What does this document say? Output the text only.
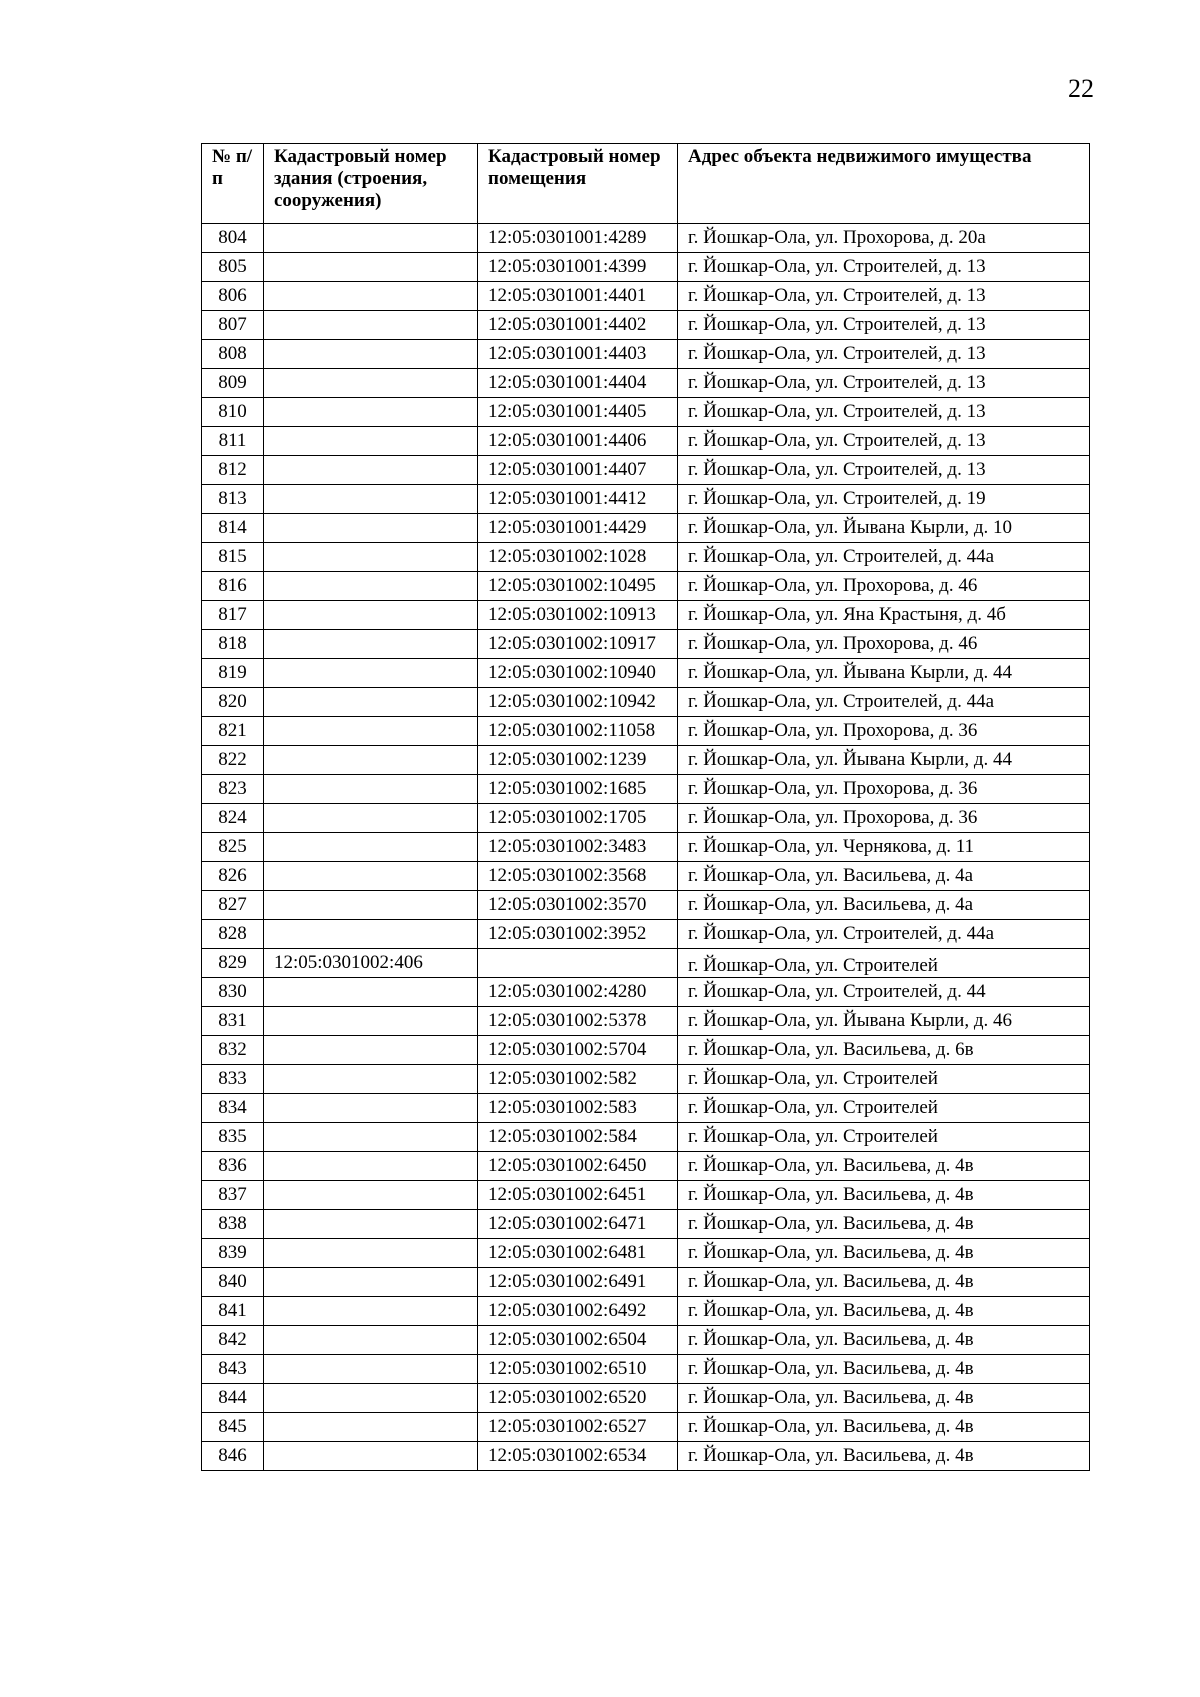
22
№ п/п	Кадастровый номер здания (строения, сооружения)	Кадастровый номер помещения	Адрес объекта недвижимого имущества
804		12:05:0301001:4289	г. Йошкар-Ола, ул. Прохорова, д. 20а
805		12:05:0301001:4399	г. Йошкар-Ола, ул. Строителей, д. 13
806		12:05:0301001:4401	г. Йошкар-Ола, ул. Строителей, д. 13
807		12:05:0301001:4402	г. Йошкар-Ола, ул. Строителей, д. 13
808		12:05:0301001:4403	г. Йошкар-Ола, ул. Строителей, д. 13
809		12:05:0301001:4404	г. Йошкар-Ола, ул. Строителей, д. 13
810		12:05:0301001:4405	г. Йошкар-Ола, ул. Строителей, д. 13
811		12:05:0301001:4406	г. Йошкар-Ола, ул. Строителей, д. 13
812		12:05:0301001:4407	г. Йошкар-Ола, ул. Строителей, д. 13
813		12:05:0301001:4412	г. Йошкар-Ола, ул. Строителей, д. 19
814		12:05:0301001:4429	г. Йошкар-Ола, ул. Йывана Кырли, д. 10
815		12:05:0301002:1028	г. Йошкар-Ола, ул. Строителей, д. 44а
816		12:05:0301002:10495	г. Йошкар-Ола, ул. Прохорова, д. 46
817		12:05:0301002:10913	г. Йошкар-Ола, ул. Яна Крастыня, д. 4б
818		12:05:0301002:10917	г. Йошкар-Ола, ул. Прохорова, д. 46
819		12:05:0301002:10940	г. Йошкар-Ола, ул. Йывана Кырли, д. 44
820		12:05:0301002:10942	г. Йошкар-Ола, ул. Строителей, д. 44а
821		12:05:0301002:11058	г. Йошкар-Ола, ул. Прохорова, д. 36
822		12:05:0301002:1239	г. Йошкар-Ола, ул. Йывана Кырли, д. 44
823		12:05:0301002:1685	г. Йошкар-Ола, ул. Прохорова, д. 36
824		12:05:0301002:1705	г. Йошкар-Ола, ул. Прохорова, д. 36
825		12:05:0301002:3483	г. Йошкар-Ола, ул. Чернякова, д. 11
826		12:05:0301002:3568	г. Йошкар-Ола, ул. Васильева, д. 4а
827		12:05:0301002:3570	г. Йошкар-Ола, ул. Васильева, д. 4а
828		12:05:0301002:3952	г. Йошкар-Ола, ул. Строителей, д. 44а
829	12:05:0301002:406		г. Йошкар-Ола, ул. Строителей
830		12:05:0301002:4280	г. Йошкар-Ола, ул. Строителей, д. 44
831		12:05:0301002:5378	г. Йошкар-Ола, ул. Йывана Кырли, д. 46
832		12:05:0301002:5704	г. Йошкар-Ола, ул. Васильева, д. 6в
833		12:05:0301002:582	г. Йошкар-Ола, ул. Строителей
834		12:05:0301002:583	г. Йошкар-Ола, ул. Строителей
835		12:05:0301002:584	г. Йошкар-Ола, ул. Строителей
836		12:05:0301002:6450	г. Йошкар-Ола, ул. Васильева, д. 4в
837		12:05:0301002:6451	г. Йошкар-Ола, ул. Васильева, д. 4в
838		12:05:0301002:6471	г. Йошкар-Ола, ул. Васильева, д. 4в
839		12:05:0301002:6481	г. Йошкар-Ола, ул. Васильева, д. 4в
840		12:05:0301002:6491	г. Йошкар-Ола, ул. Васильева, д. 4в
841		12:05:0301002:6492	г. Йошкар-Ола, ул. Васильева, д. 4в
842		12:05:0301002:6504	г. Йошкар-Ола, ул. Васильева, д. 4в
843		12:05:0301002:6510	г. Йошкар-Ола, ул. Васильева, д. 4в
844		12:05:0301002:6520	г. Йошкар-Ола, ул. Васильева, д. 4в
845		12:05:0301002:6527	г. Йошкар-Ола, ул. Васильева, д. 4в
846		12:05:0301002:6534	г. Йошкар-Ола, ул. Васильева, д. 4в
